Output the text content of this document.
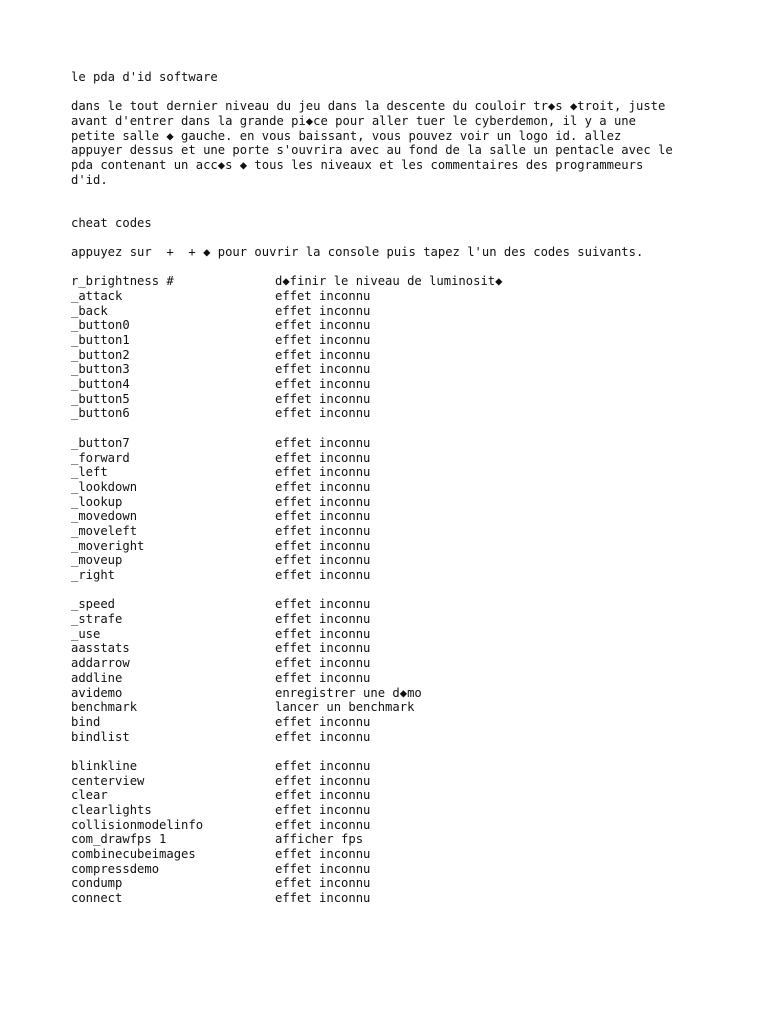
le pda d'id software
dans le tout dernier niveau du jeu dans la descente du couloir tr◆s ◆troit, juste
avant d'entrer dans la grande pi◆ce pour aller tuer le cyberdemon, il y a une
petite salle ◆ gauche. en vous baissant, vous pouvez voir un logo id. allez
appuyer dessus et une porte s'ouvrira avec au fond de la salle un pentacle avec le
pda contenant un acc◆s ◆ tous les niveaux et les commentaires des programmeurs
d'id.
cheat codes
appuyez sur  +  + ◆ pour ouvrir la console puis tapez l'un des codes suivants.
r_brightness #	d◆finir le niveau de luminosit◆
_attack	effet inconnu
_back	effet inconnu
_button0	effet inconnu
_button1	effet inconnu
_button2	effet inconnu
_button3	effet inconnu
_button4	effet inconnu
_button5	effet inconnu
_button6	effet inconnu
_button7	effet inconnu
_forward	effet inconnu
_left	effet inconnu
_lookdown	effet inconnu
_lookup	effet inconnu
_movedown	effet inconnu
_moveleft	effet inconnu
_moveright	effet inconnu
_moveup	effet inconnu
_right	effet inconnu
_speed	effet inconnu
_strafe	effet inconnu
_use	effet inconnu
aasstats	effet inconnu
addarrow	effet inconnu
addline	effet inconnu
avidemo	enregistrer une d◆mo
benchmark	lancer un benchmark
bind	effet inconnu
bindlist	effet inconnu
blinkline	effet inconnu
centerview	effet inconnu
clear	effet inconnu
clearlights	effet inconnu
collisionmodelinfo	effet inconnu
com_drawfps 1	afficher fps
combinecubeimages	effet inconnu
compressdemo	effet inconnu
condump	effet inconnu
connect	effet inconnu
